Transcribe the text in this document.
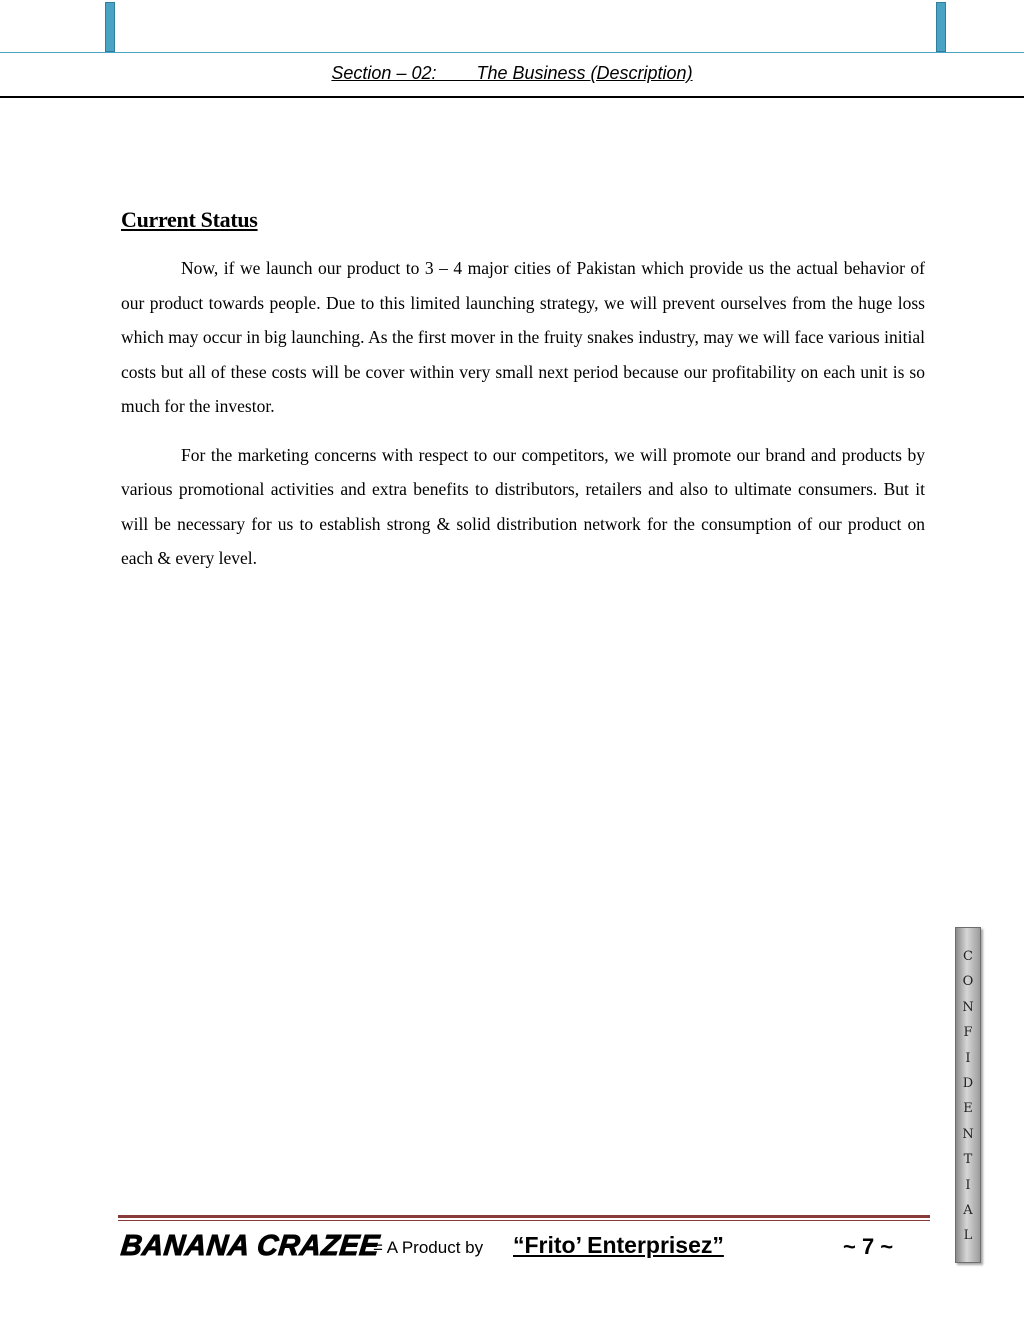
Section – 02:        The Business (Description)
Current Status

Now, if we launch our product to 3 – 4 major cities of Pakistan which provide us the actual behavior of our product towards people. Due to this limited launching strategy, we will prevent ourselves from the huge loss which may occur in big launching. As the first mover in the fruity snakes industry, may we will face various initial costs but all of these costs will be cover within very small next period because our profitability on each unit is so much for the investor.

For the marketing concerns with respect to our competitors, we will promote our brand and products by various promotional activities and extra benefits to distributors, retailers and also to ultimate consumers. But it will be necessary for us to establish strong & solid distribution network for the consumption of our product on each & every level.

C
O
N
F
I
D
E
N
T
I
A
L
BANANA CRAZEE
= A Product by “Frito’ Enterprisez”	~ 7 ~
